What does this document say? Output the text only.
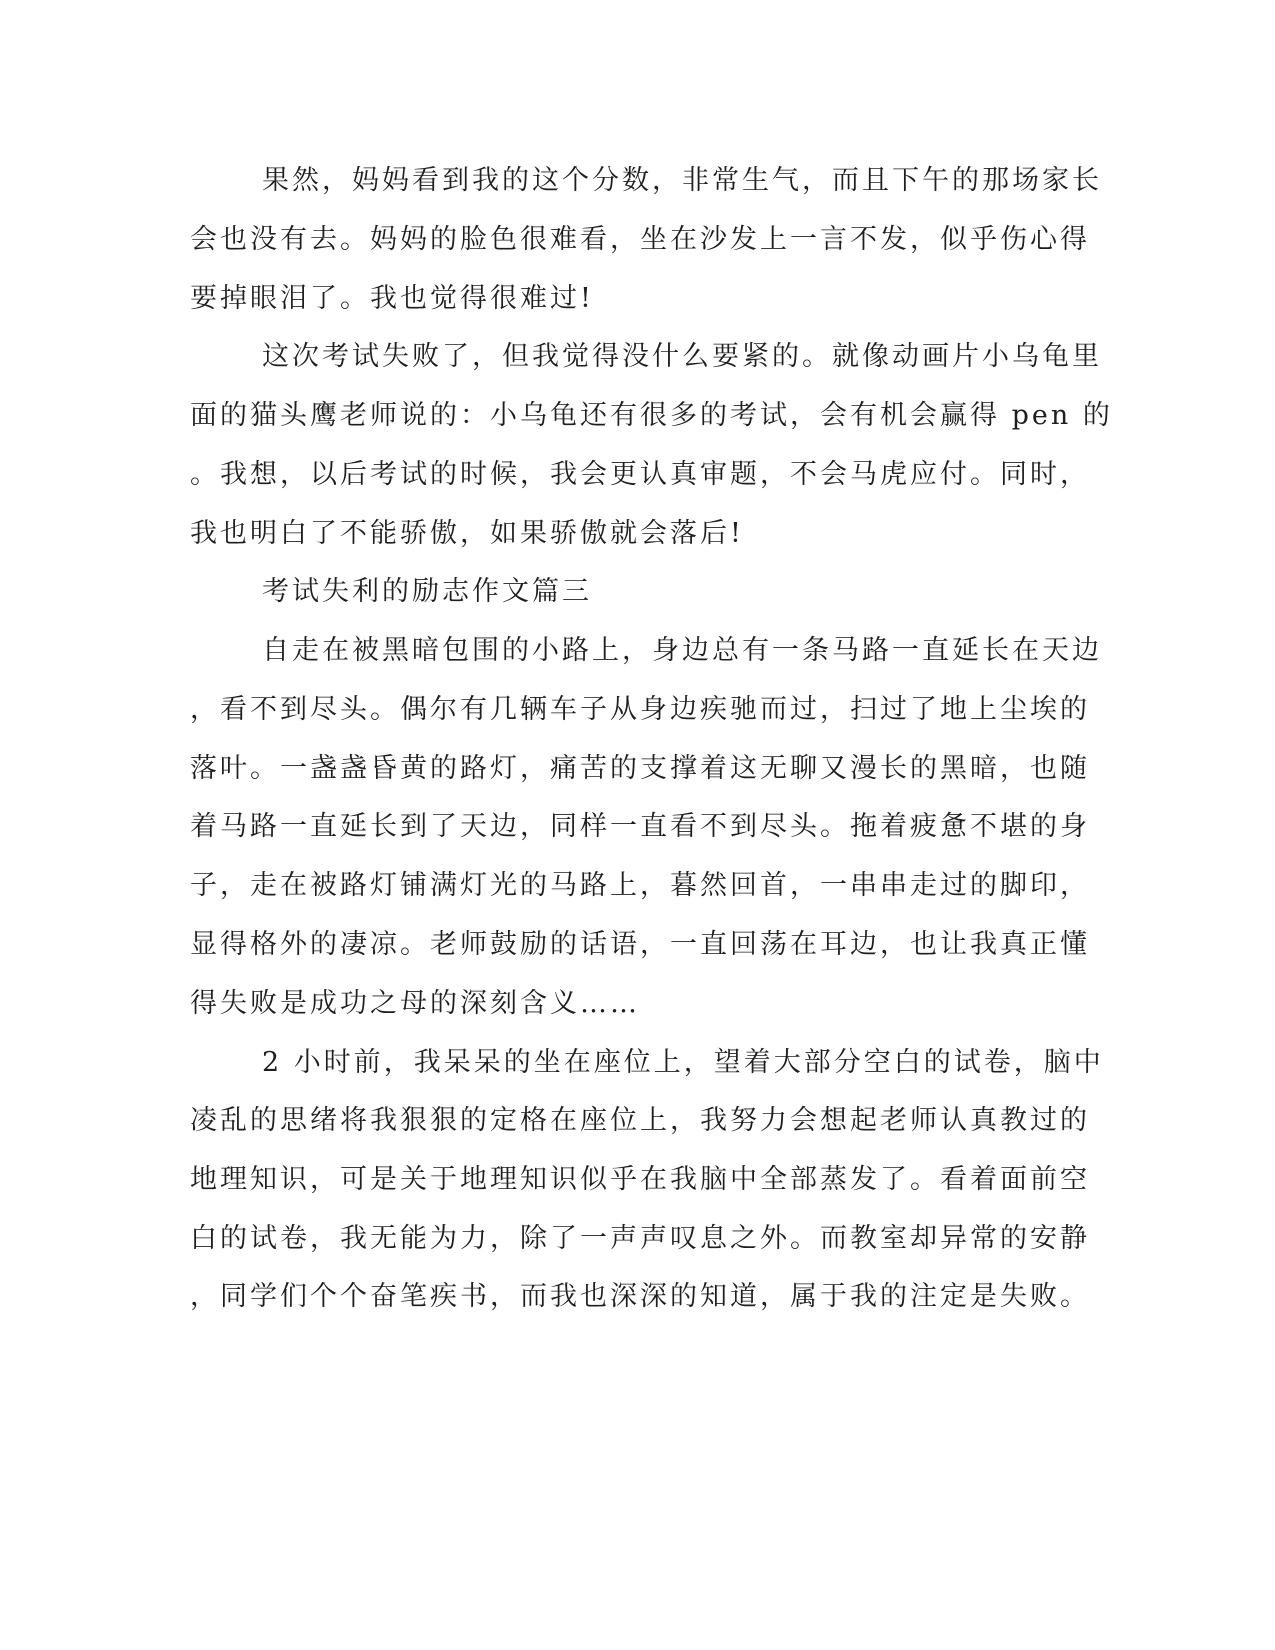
果然，妈妈看到我的这个分数，非常生气，而且下午的那场家长
会也没有去。妈妈的脸色很难看，坐在沙发上一言不发，似乎伤心得
要掉眼泪了。我也觉得很难过!
这次考试失败了，但我觉得没什么要紧的。就像动画片小乌龟里
面的猫头鹰老师说的：小乌龟还有很多的考试，会有机会赢得 pen 的
。我想，以后考试的时候，我会更认真审题，不会马虎应付。同时，
我也明白了不能骄傲，如果骄傲就会落后!
考试失利的励志作文篇三
自走在被黑暗包围的小路上，身边总有一条马路一直延长在天边
，看不到尽头。偶尔有几辆车子从身边疾驰而过，扫过了地上尘埃的
落叶。一盏盏昏黄的路灯，痛苦的支撑着这无聊又漫长的黑暗，也随
着马路一直延长到了天边，同样一直看不到尽头。拖着疲惫不堪的身
子，走在被路灯铺满灯光的马路上，暮然回首，一串串走过的脚印，
显得格外的凄凉。老师鼓励的话语，一直回荡在耳边，也让我真正懂
得失败是成功之母的深刻含义……
2 小时前，我呆呆的坐在座位上，望着大部分空白的试卷，脑中
凌乱的思绪将我狠狠的定格在座位上，我努力会想起老师认真教过的
地理知识，可是关于地理知识似乎在我脑中全部蒸发了。看着面前空
白的试卷，我无能为力，除了一声声叹息之外。而教室却异常的安静
，同学们个个奋笔疾书，而我也深深的知道，属于我的注定是失败。
